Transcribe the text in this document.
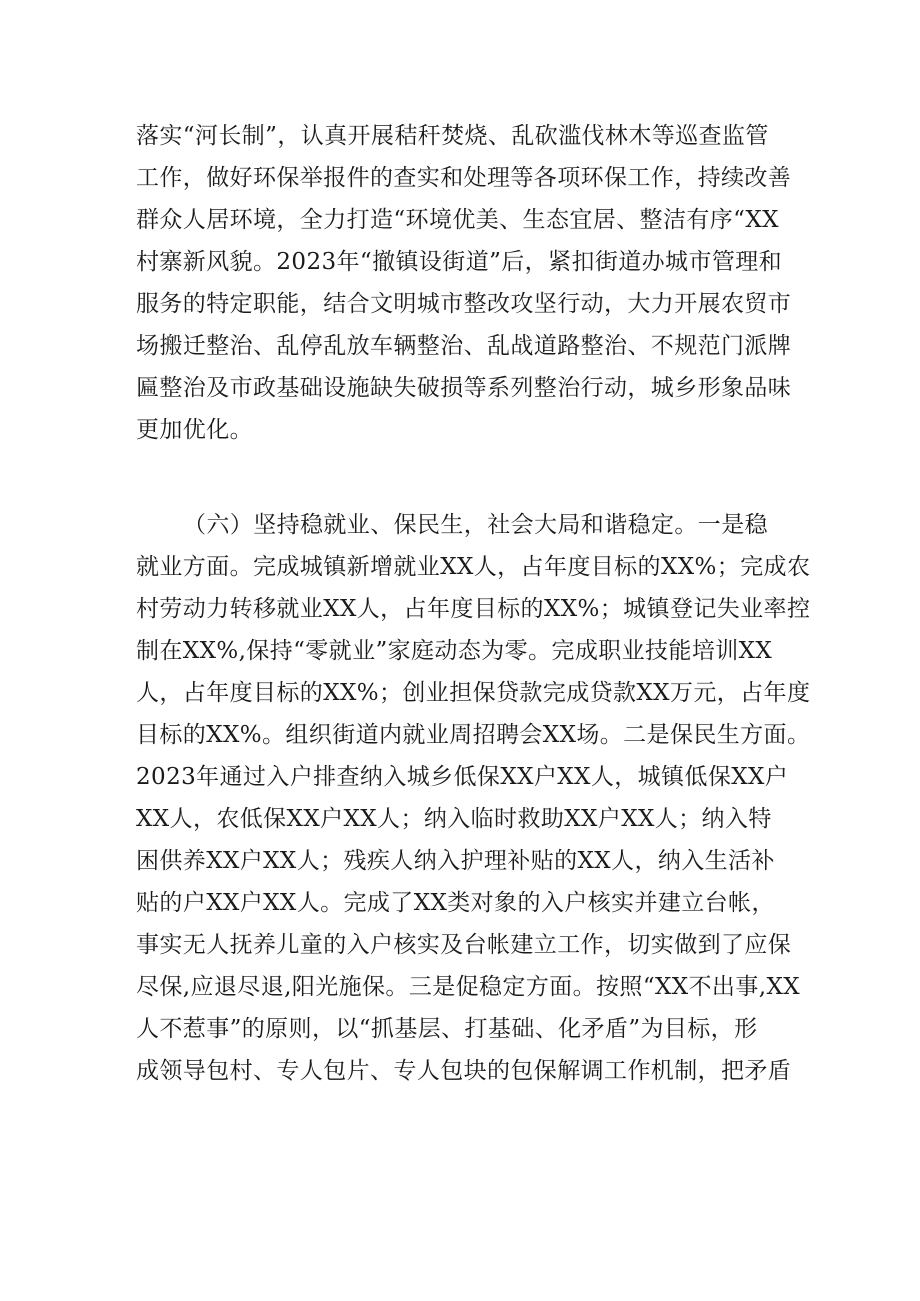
落实“河长制”，认真开展秸秆焚烧、乱砍滥伐林木等巡查监管
工作，做好环保举报件的查实和处理等各项环保工作，持续改善
群众人居环境，全力打造“环境优美、生态宜居、整洁有序“XX
村寨新风貌。2023年“撤镇设街道”后，紧扣街道办城市管理和
服务的特定职能，结合文明城市整改攻坚行动，大力开展农贸市
场搬迁整治、乱停乱放车辆整治、乱战道路整治、不规范门派牌
匾整治及市政基础设施缺失破损等系列整治行动，城乡形象品味
更加优化。
（六）坚持稳就业、保民生，社会大局和谐稳定。一是稳
就业方面。完成城镇新增就业XX人，占年度目标的XX%；完成农
村劳动力转移就业XX人，占年度目标的XX%；城镇登记失业率控
制在XX%,保持“零就业”家庭动态为零。完成职业技能培训XX
人，占年度目标的XX%；创业担保贷款完成贷款XX万元，占年度
目标的XX%。组织街道内就业周招聘会XX场。二是保民生方面。
2023年通过入户排查纳入城乡低保XX户XX人，城镇低保XX户
XX人，农低保XX户XX人；纳入临时救助XX户XX人；纳入特
困供养XX户XX人；残疾人纳入护理补贴的XX人，纳入生活补
贴的户XX户XX人。完成了XX类对象的入户核实并建立台帐，
事实无人抚养儿童的入户核实及台帐建立工作，切实做到了应保
尽保,应退尽退,阳光施保。三是促稳定方面。按照“XX不出事,XX
人不惹事”的原则，以“抓基层、打基础、化矛盾”为目标，形
成领导包村、专人包片、专人包块的包保解调工作机制，把矛盾
